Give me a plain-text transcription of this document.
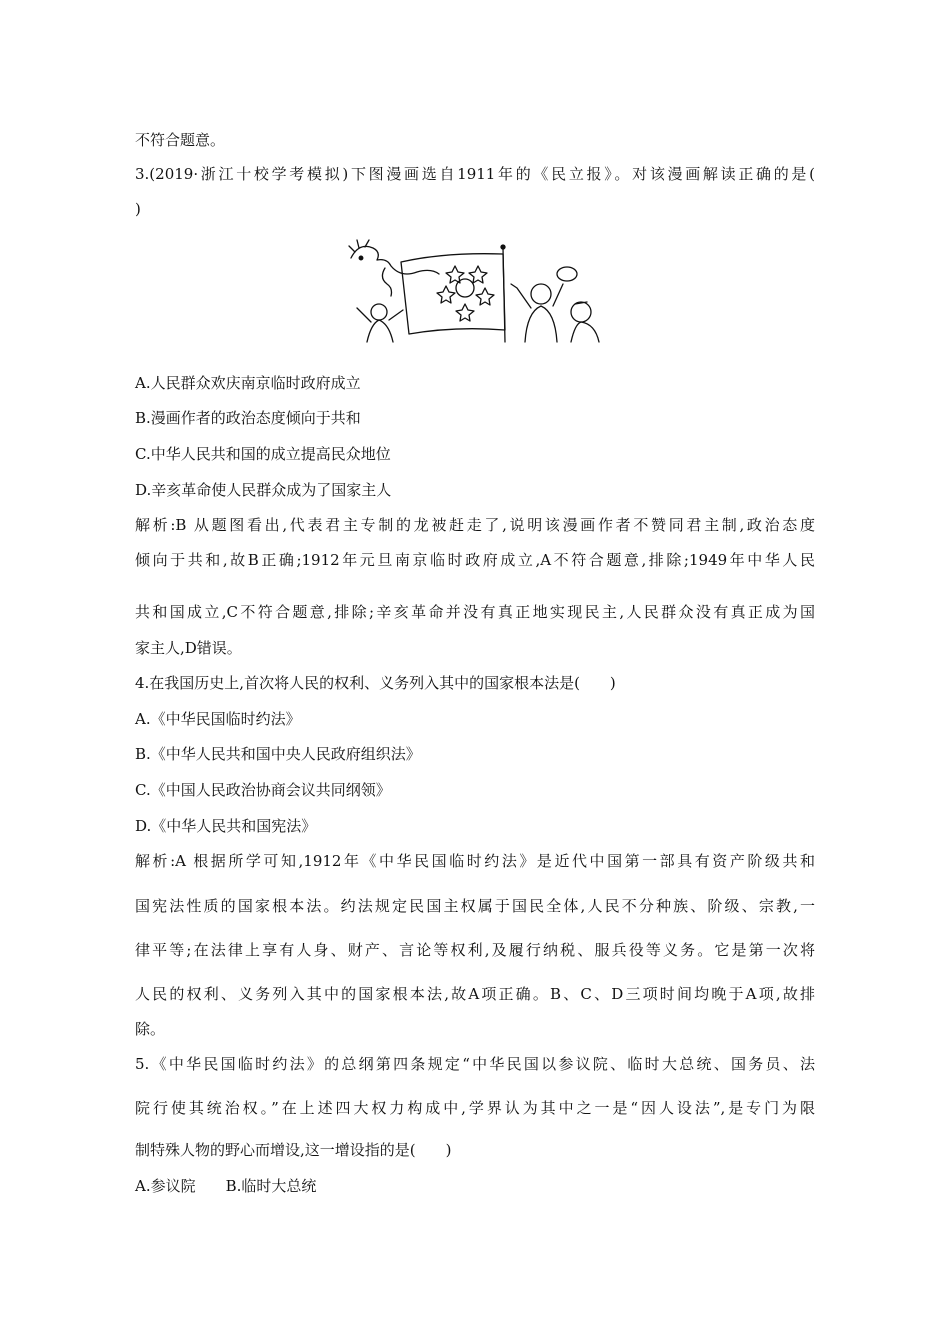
不符合题意。
3.(2019·浙江十校学考模拟)下图漫画选自1911年的《民立报》。对该漫画解读正确的是(
)
A.人民群众欢庆南京临时政府成立
B.漫画作者的政治态度倾向于共和
C.中华人民共和国的成立提高民众地位
D.辛亥革命使人民群众成为了国家主人
解析:B 从题图看出,代表君主专制的龙被赶走了,说明该漫画作者不赞同君主制,政治态度
倾向于共和,故B正确;1912年元旦南京临时政府成立,A不符合题意,排除;1949年中华人民
共和国成立,C不符合题意,排除;辛亥革命并没有真正地实现民主,人民群众没有真正成为国
家主人,D错误。
4.在我国历史上,首次将人民的权利、义务列入其中的国家根本法是(　　)
A.《中华民国临时约法》
B.《中华人民共和国中央人民政府组织法》
C.《中国人民政治协商会议共同纲领》
D.《中华人民共和国宪法》
解析:A 根据所学可知,1912年《中华民国临时约法》是近代中国第一部具有资产阶级共和
国宪法性质的国家根本法。约法规定民国主权属于国民全体,人民不分种族、阶级、宗教,一
律平等;在法律上享有人身、财产、言论等权利,及履行纳税、服兵役等义务。它是第一次将
人民的权利、义务列入其中的国家根本法,故A项正确。B、C、D三项时间均晚于A项,故排
除。
5.《中华民国临时约法》的总纲第四条规定“中华民国以参议院、临时大总统、国务员、法
院行使其统治权。”在上述四大权力构成中,学界认为其中之一是“因人设法”,是专门为限
制特殊人物的野心而增设,这一增设指的是(　　)
A.参议院　　B.临时大总统
